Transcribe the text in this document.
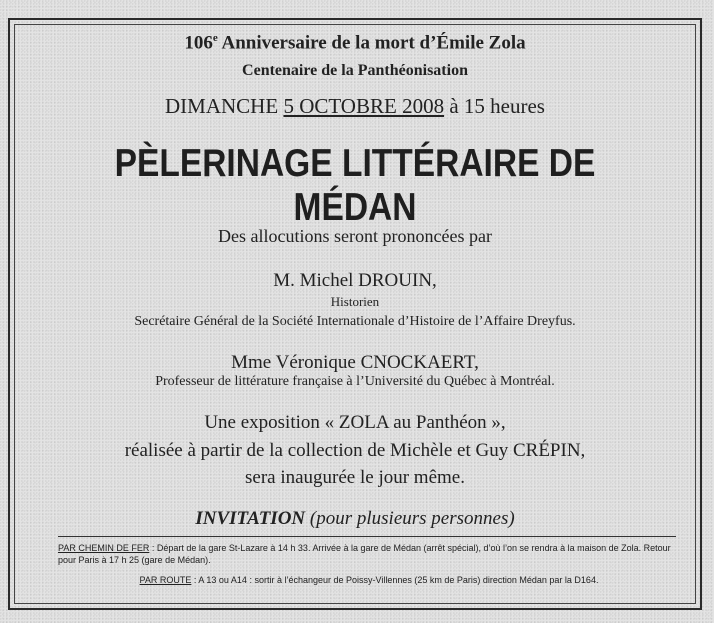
106e Anniversaire de la mort d’Émile Zola
Centenaire de la Panthéonisation
DIMANCHE 5 OCTOBRE 2008 à 15 heures
PÈLERINAGE LITTÉRAIRE DE MÉDAN
Des allocutions seront prononcées par
M. Michel DROUIN,
Historien
Secrétaire Général de la Société Internationale d’Histoire de l’Affaire Dreyfus.
Mme Véronique CNOCKAERT,
Professeur de littérature française à l’Université du Québec à Montréal.
Une exposition « ZOLA au Panthéon »,
réalisée à partir de la collection de Michèle et Guy CRÉPIN,
sera inaugurée le jour même.
INVITATION (pour plusieurs personnes)
PAR CHEMIN DE FER : Départ de la gare St-Lazare à 14 h 33. Arrivée à la gare de Médan (arrêt spécial), d’où l’on se rendra à la maison de Zola. Retour pour Paris à 17 h 25 (gare de Médan).
PAR ROUTE : A 13 ou A14 : sortir à l’échangeur de Poissy-Villennes (25 km de Paris) direction Médan par la D164.
